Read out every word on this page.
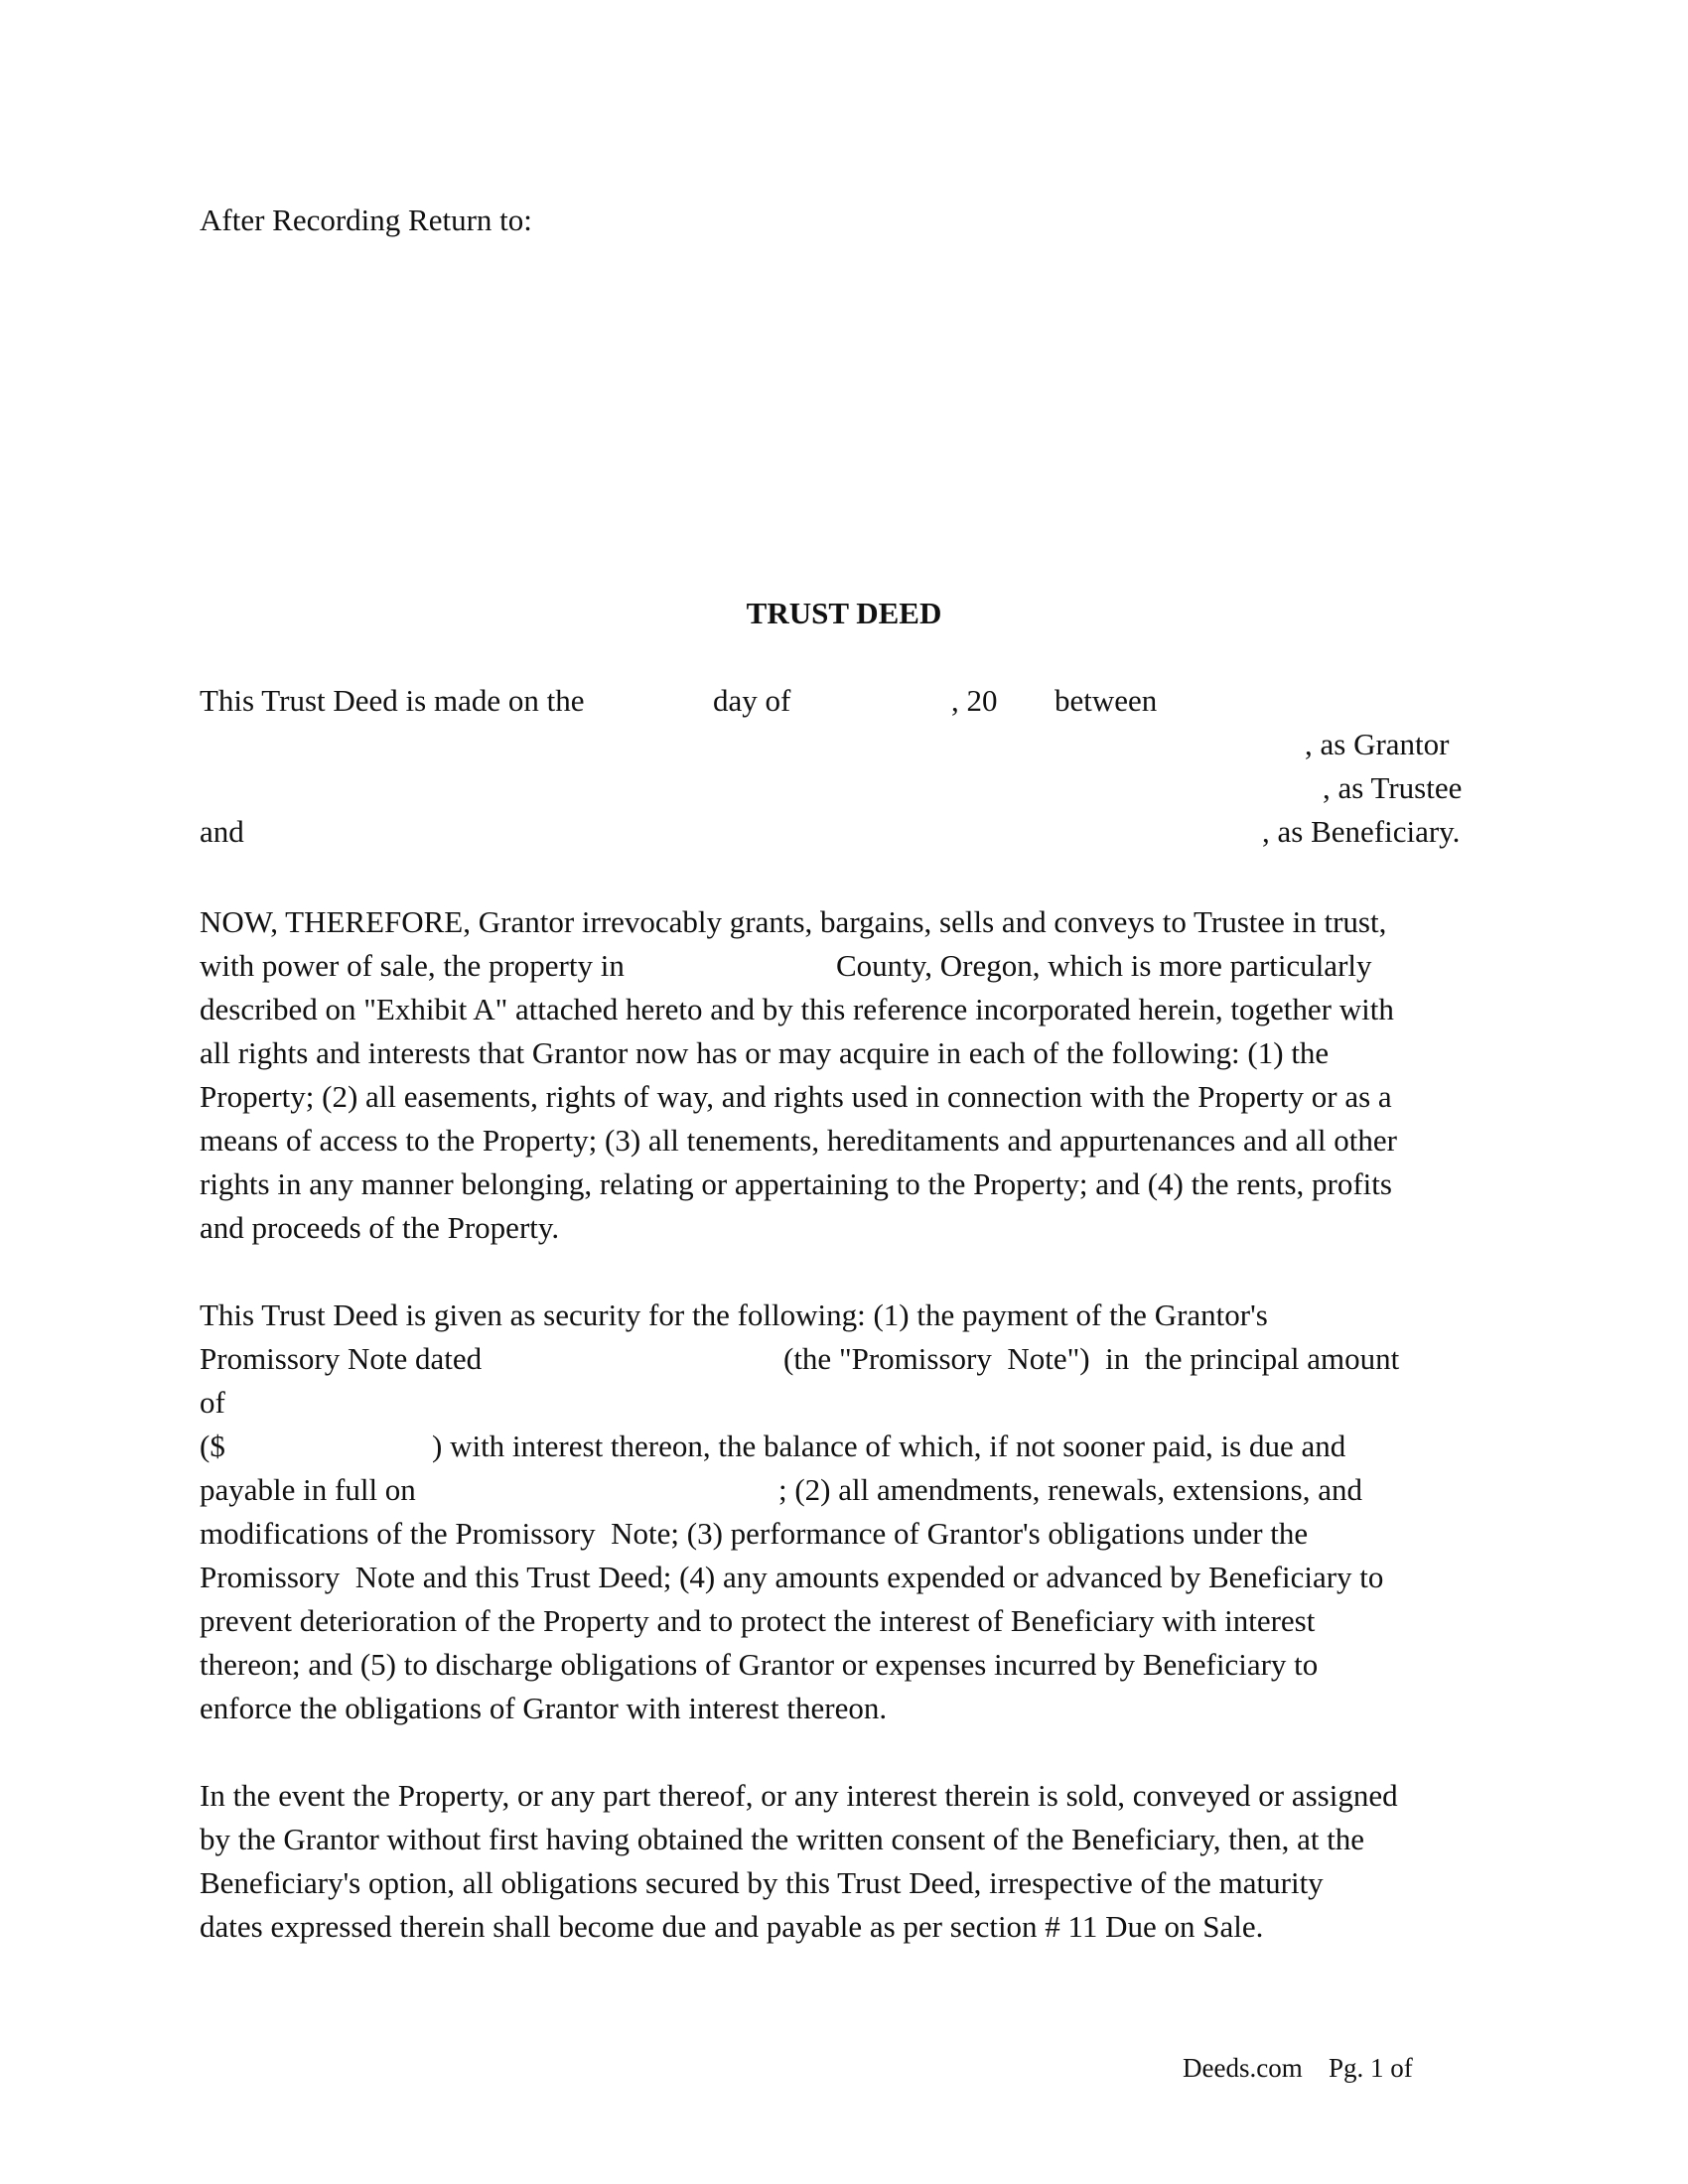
After Recording Return to:
TRUST DEED
This Trust Deed is made on the	day of	, 20 between
, as Grantor
, as Trustee
and	, as Beneficiary.
NOW, THEREFORE, Grantor irrevocably grants, bargains, sells and conveys to Trustee in trust,
with power of sale, the property in	County, Oregon, which is more particularly
described on "Exhibit A" attached hereto and by this reference incorporated herein, together with
all rights and interests that Grantor now has or may acquire in each of the following: (1) the
Property; (2) all easements, rights of way, and rights used in connection with the Property or as a
means of access to the Property; (3) all tenements, hereditaments and appurtenances and all other
rights in any manner belonging, relating or appertaining to the Property; and (4) the rents, profits
and proceeds of the Property.
This Trust Deed is given as security for the following: (1) the payment of the Grantor's
Promissory Note dated	(the "Promissory  Note")  in  the principal amount
of
($	) with interest thereon, the balance of which, if not sooner paid, is due and
payable in full on	; (2) all amendments, renewals, extensions, and
modifications of the Promissory  Note; (3) performance of Grantor's obligations under the
Promissory  Note and this Trust Deed; (4) any amounts expended or advanced by Beneficiary to
prevent deterioration of the Property and to protect the interest of Beneficiary with interest
thereon; and (5) to discharge obligations of Grantor or expenses incurred by Beneficiary to
enforce the obligations of Grantor with interest thereon.
In the event the Property, or any part thereof, or any interest therein is sold, conveyed or assigned
by the Grantor without first having obtained the written consent of the Beneficiary, then, at the
Beneficiary's option, all obligations secured by this Trust Deed, irrespective of the maturity
dates expressed therein shall become due and payable as per section # 11 Due on Sale.
Deeds.com Pg. 1 of
